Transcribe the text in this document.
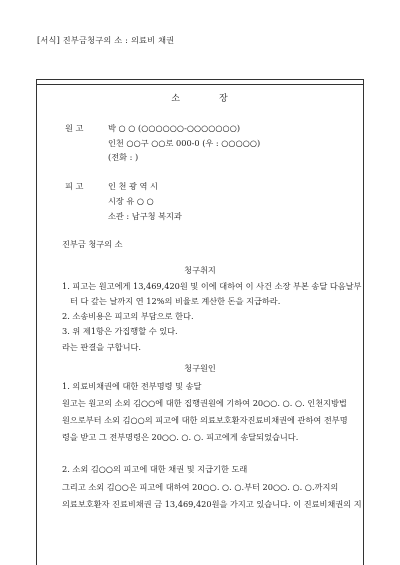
[서식] 진부금청구의 소 : 의료비 채권
소	장
원 고	박 ○ ○ (○○○○○○-○○○○○○○)
인천 ○○구 ○○로 000-0 (우 : ○○○○○)
(전화 : )
피 고	인 천 광 역 시
시장 유 ○ ○
소관 : 남구청 복지과
진부금 청구의 소
청구취지
1. 피고는 원고에게 13,469,420원 및 이에 대하여 이 사건 소장 부본 송달 다음날부
터 다 갚는 날까지 연 12%의 비율로 계산한 돈을 지급하라.
2. 소송비용은 피고의 부담으로 한다.
3. 위 제1항은 가집행할 수 있다.
라는 판결을 구합니다.
청구원인
1. 의료비채권에 대한 전부명령 및 송달
원고는 원고의 소외 김○○에 대한 집행권원에 기하여 20○○. ○. ○. 인천지방법
원으로부터 소외 김○○의 피고에 대한 의료보호환자진료비채권에 관하여 전부명
령을 받고 그 전부명령은 20○○. ○. ○. 피고에게 송달되었습니다.
2. 소외 김○○의 피고에 대한 채권 및 지급기한 도래
그리고 소외 김○○은 피고에 대하여 20○○. ○. ○.부터 20○○. ○. ○.까지의
의료보호환자 진료비채권 금 13,469,420원을 가지고 있습니다. 이 진료비채권의 지
